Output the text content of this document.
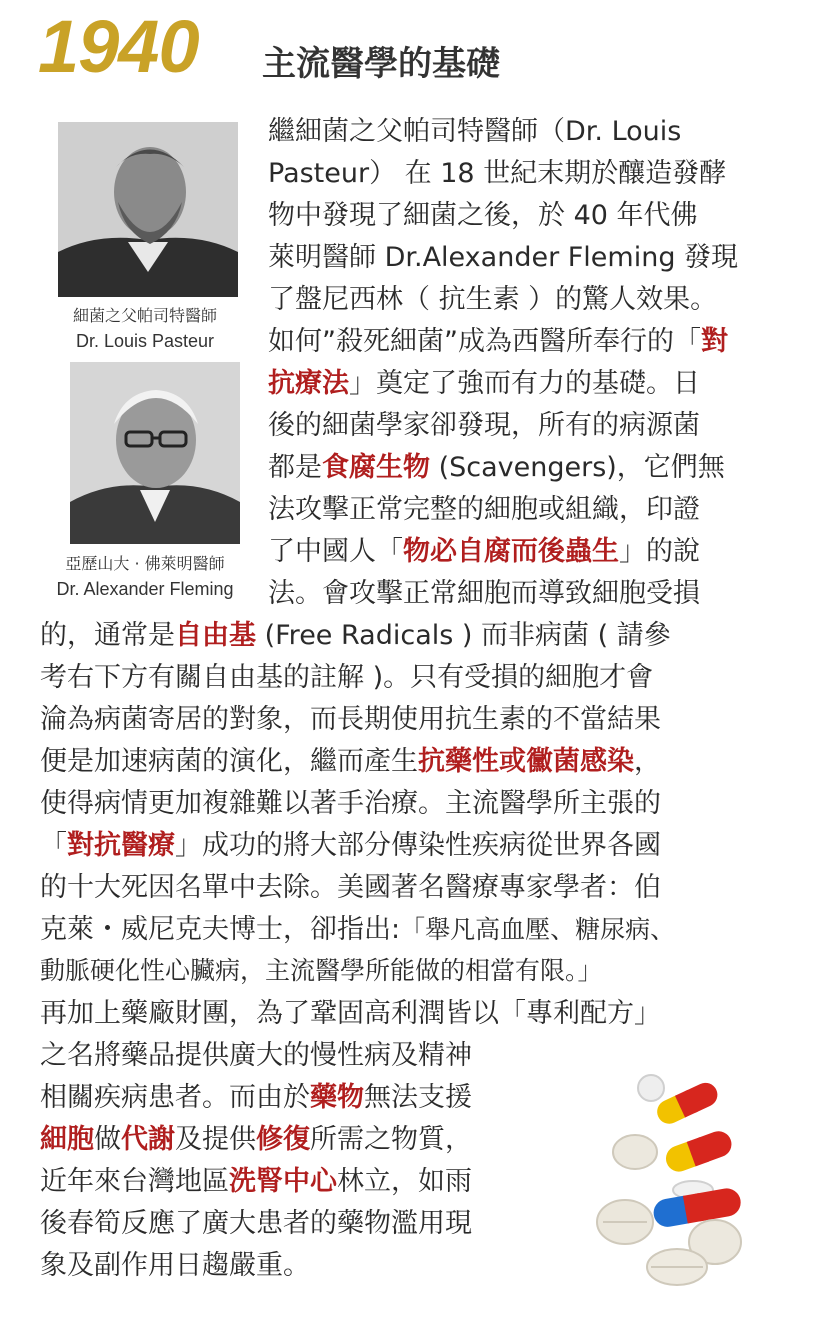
1940 主流醫學的基礎
細菌之父帕司特醫師
Dr. Louis Pasteur
亞歷山大 · 佛萊明醫師
Dr. Alexander Fleming
繼細菌之父帕司特醫師（Dr. Louis
Pasteur） 在 18 世紀末期於釀造發酵
物中發現了細菌之後，於 40 年代佛
萊明醫師 Dr.Alexander Fleming 發現
了盤尼西林（ 抗生素 ）的驚人效果。
如何”殺死細菌”成為西醫所奉行的「對
抗療法」奠定了強而有力的基礎。日
後的細菌學家卻發現，所有的病源菌
都是食腐生物 (Scavengers)，它們無
法攻擊正常完整的細胞或組織，印證
了中國人「物必自腐而後蟲生」的說
法。會攻擊正常細胞而導致細胞受損
的，通常是自由基 (Free Radicals ) 而非病菌 ( 請參
考右下方有關自由基的註解 )。只有受損的細胞才會
淪為病菌寄居的對象，而長期使用抗生素的不當結果
便是加速病菌的演化，繼而產生抗藥性或黴菌感染，
使得病情更加複雜難以著手治療。主流醫學所主張的
「對抗醫療」成功的將大部分傳染性疾病從世界各國
的十大死因名單中去除。美國著名醫療專家學者：伯
克萊・威尼克夫博士，卻指出:「舉凡高血壓、糖尿病、
動脈硬化性心臟病，主流醫學所能做的相當有限。」
再加上藥廠財團，為了鞏固高利潤皆以「專利配方」
之名將藥品提供廣大的慢性病及精神
相關疾病患者。而由於藥物無法支援
細胞做代謝及提供修復所需之物質，
近年來台灣地區洗腎中心林立，如雨
後春筍反應了廣大患者的藥物濫用現
象及副作用日趨嚴重。
